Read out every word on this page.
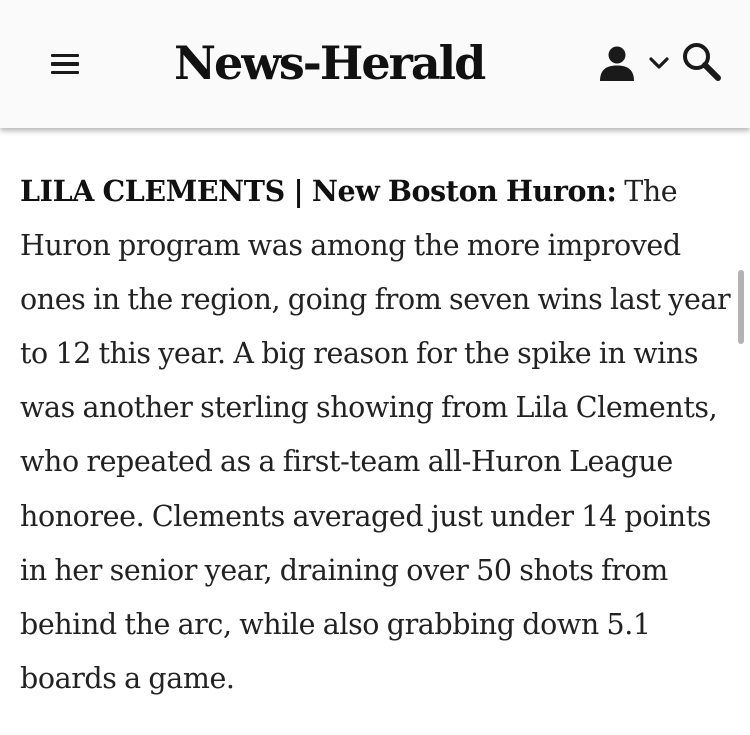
News-Herald
LILA CLEMENTS | New Boston Huron: The Huron program was among the more improved ones in the region, going from seven wins last year to 12 this year. A big reason for the spike in wins was another sterling showing from Lila Clements, who repeated as a first-team all-Huron League honoree. Clements averaged just under 14 points in her senior year, draining over 50 shots from behind the arc, while also grabbing down 5.1 boards a game.
